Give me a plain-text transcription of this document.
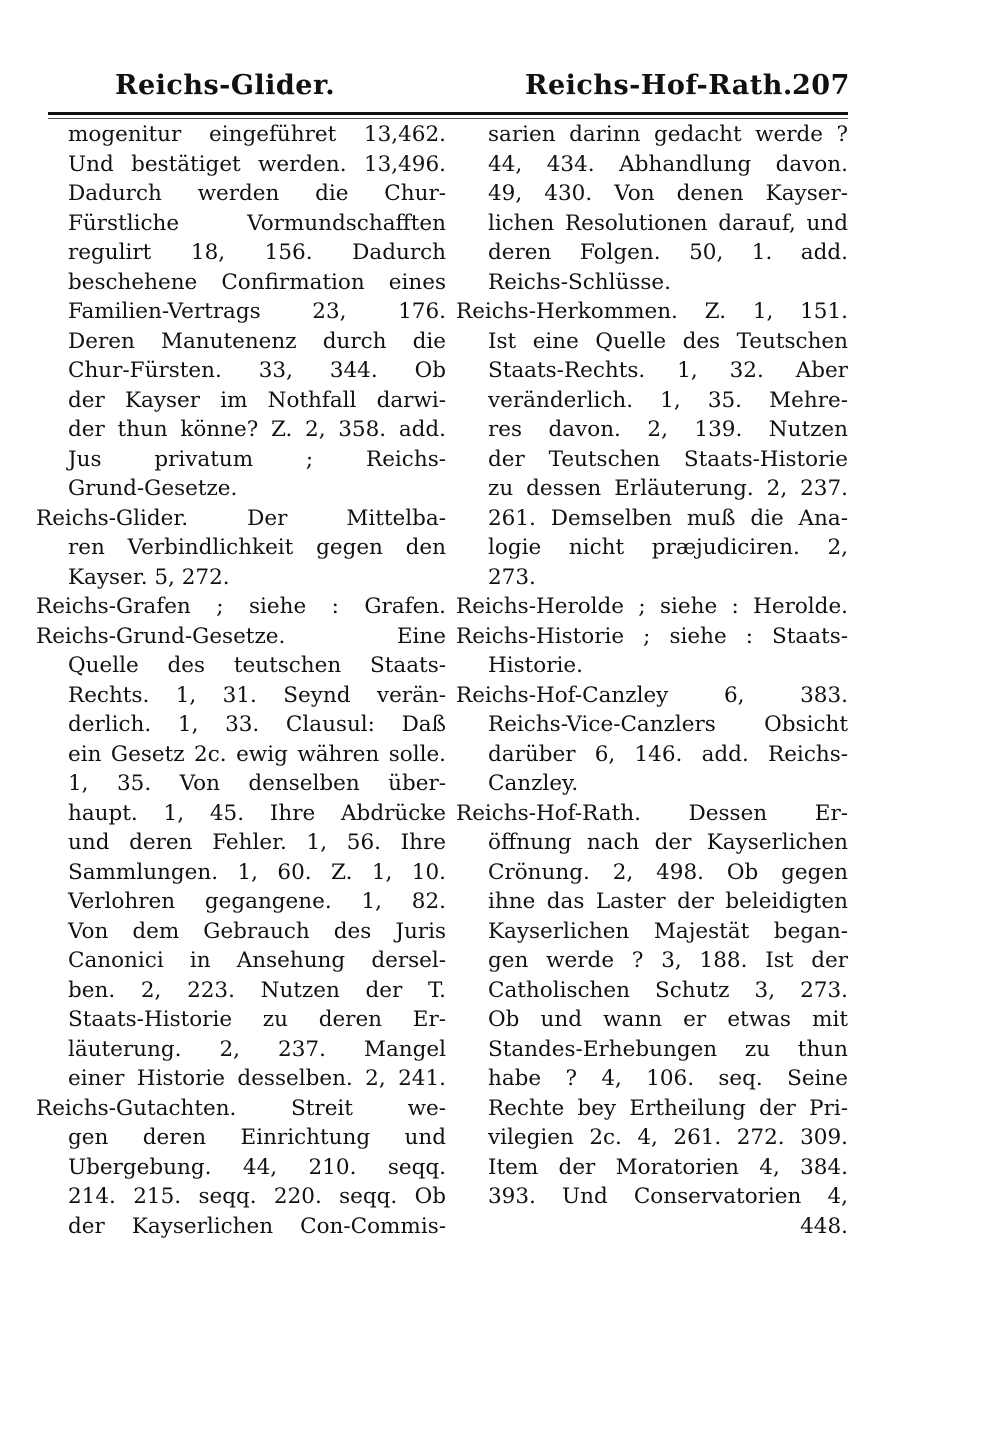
Reichs-Glider.	Reichs-Hof-Rath. 207
mogenitur eingeführet 13,462.
Und bestätiget werden. 13,496.
Dadurch werden die Chur-
Fürstliche Vormundschafften
regulirt 18, 156. Dadurch
beschehene Confirmation eines
Familien-Vertrags 23, 176.
Deren Manutenenz durch die
Chur-Fürsten. 33, 344. Ob
der Kayser im Nothfall darwi-
der thun könne? Z. 2, 358. add.
Jus privatum ; Reichs-
Grund-Gesetze.
Reichs-Glider. Der Mittelba-
ren Verbindlichkeit gegen den
Kayser. 5, 272.
Reichs-Grafen ; siehe : Grafen.
Reichs-Grund-Gesetze. Eine
Quelle des teutschen Staats-
Rechts. 1, 31. Seynd verän-
derlich. 1, 33. Clausul: Daß
ein Gesetz 2c. ewig währen solle.
1, 35. Von denselben über-
haupt. 1, 45. Ihre Abdrücke
und deren Fehler. 1, 56. Ihre
Sammlungen. 1, 60. Z. 1, 10.
Verlohren gegangene. 1, 82.
Von dem Gebrauch des Juris
Canonici in Ansehung dersel-
ben. 2, 223. Nutzen der T.
Staats-Historie zu deren Er-
läuterung. 2, 237. Mangel
einer Historie desselben. 2, 241.
Reichs-Gutachten. Streit we-
gen deren Einrichtung und
Ubergebung. 44, 210. seqq.
214. 215. seqq. 220. seqq. Ob
der Kayserlichen Con-Commis-
sarien darinn gedacht werde ?
44, 434. Abhandlung davon.
49, 430. Von denen Kayser-
lichen Resolutionen darauf, und
deren Folgen. 50, 1. add.
Reichs-Schlüsse.
Reichs-Herkommen. Z. 1, 151.
Ist eine Quelle des Teutschen
Staats-Rechts. 1, 32. Aber
veränderlich. 1, 35. Mehre-
res davon. 2, 139. Nutzen
der Teutschen Staats-Historie
zu dessen Erläuterung. 2, 237.
261. Demselben muß die Ana-
logie nicht præjudiciren. 2,
273.
Reichs-Herolde ; siehe : Herolde.
Reichs-Historie ; siehe : Staats-
Historie.
Reichs-Hof-Canzley 6, 383.
Reichs-Vice-Canzlers Obsicht
darüber 6, 146. add. Reichs-
Canzley.
Reichs-Hof-Rath. Dessen Er-
öffnung nach der Kayserlichen
Crönung. 2, 498. Ob gegen
ihne das Laster der beleidigten
Kayserlichen Majestät began-
gen werde ? 3, 188. Ist der
Catholischen Schutz 3, 273.
Ob und wann er etwas mit
Standes-Erhebungen zu thun
habe ? 4, 106. seq. Seine
Rechte bey Ertheilung der Pri-
vilegien 2c. 4, 261. 272. 309.
Item der Moratorien 4, 384.
393. Und Conservatorien 4,
448.
